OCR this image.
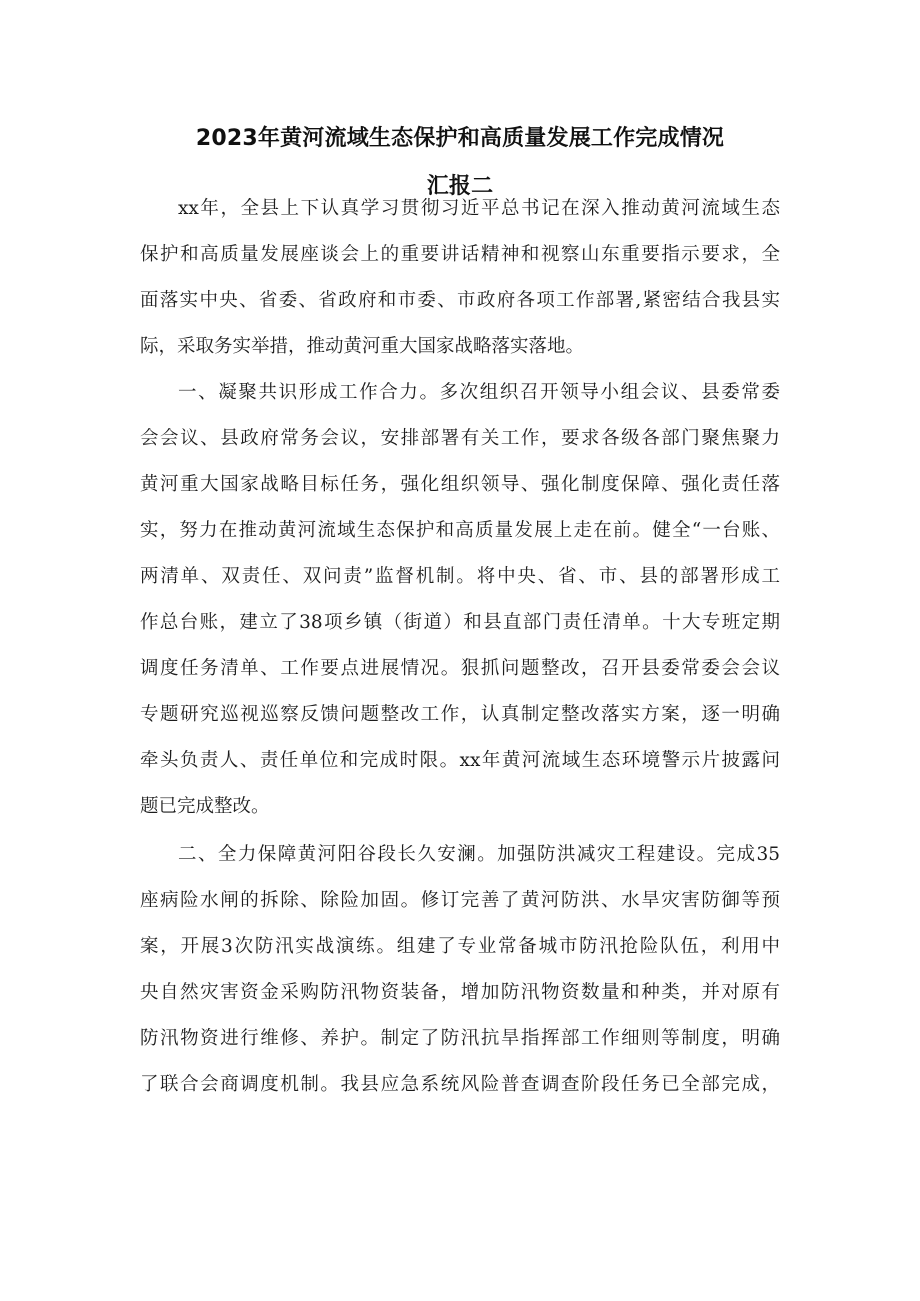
2023年黄河流域生态保护和高质量发展工作完成情况
汇报二
xx年，全县上下认真学习贯彻习近平总书记在深入推动黄河流域生态
保护和高质量发展座谈会上的重要讲话精神和视察山东重要指示要求，全
面落实中央、省委、省政府和市委、市政府各项工作部署,紧密结合我县实
际，采取务实举措，推动黄河重大国家战略落实落地。
一、凝聚共识形成工作合力。多次组织召开领导小组会议、县委常委
会会议、县政府常务会议，安排部署有关工作，要求各级各部门聚焦聚力
黄河重大国家战略目标任务，强化组织领导、强化制度保障、强化责任落
实，努力在推动黄河流域生态保护和高质量发展上走在前。健全“一台账、
两清单、双责任、双问责”监督机制。将中央、省、市、县的部署形成工
作总台账，建立了38项乡镇（街道）和县直部门责任清单。十大专班定期
调度任务清单、工作要点进展情况。狠抓问题整改，召开县委常委会会议
专题研究巡视巡察反馈问题整改工作，认真制定整改落实方案，逐一明确
牵头负责人、责任单位和完成时限。xx年黄河流域生态环境警示片披露问
题已完成整改。
二、全力保障黄河阳谷段长久安澜。加强防洪减灾工程建设。完成35
座病险水闸的拆除、除险加固。修订完善了黄河防洪、水旱灾害防御等预
案，开展3次防汛实战演练。组建了专业常备城市防汛抢险队伍，利用中
央自然灾害资金采购防汛物资装备，增加防汛物资数量和种类，并对原有
防汛物资进行维修、养护。制定了防汛抗旱指挥部工作细则等制度，明确
了联合会商调度机制。我县应急系统风险普查调查阶段任务已全部完成，
